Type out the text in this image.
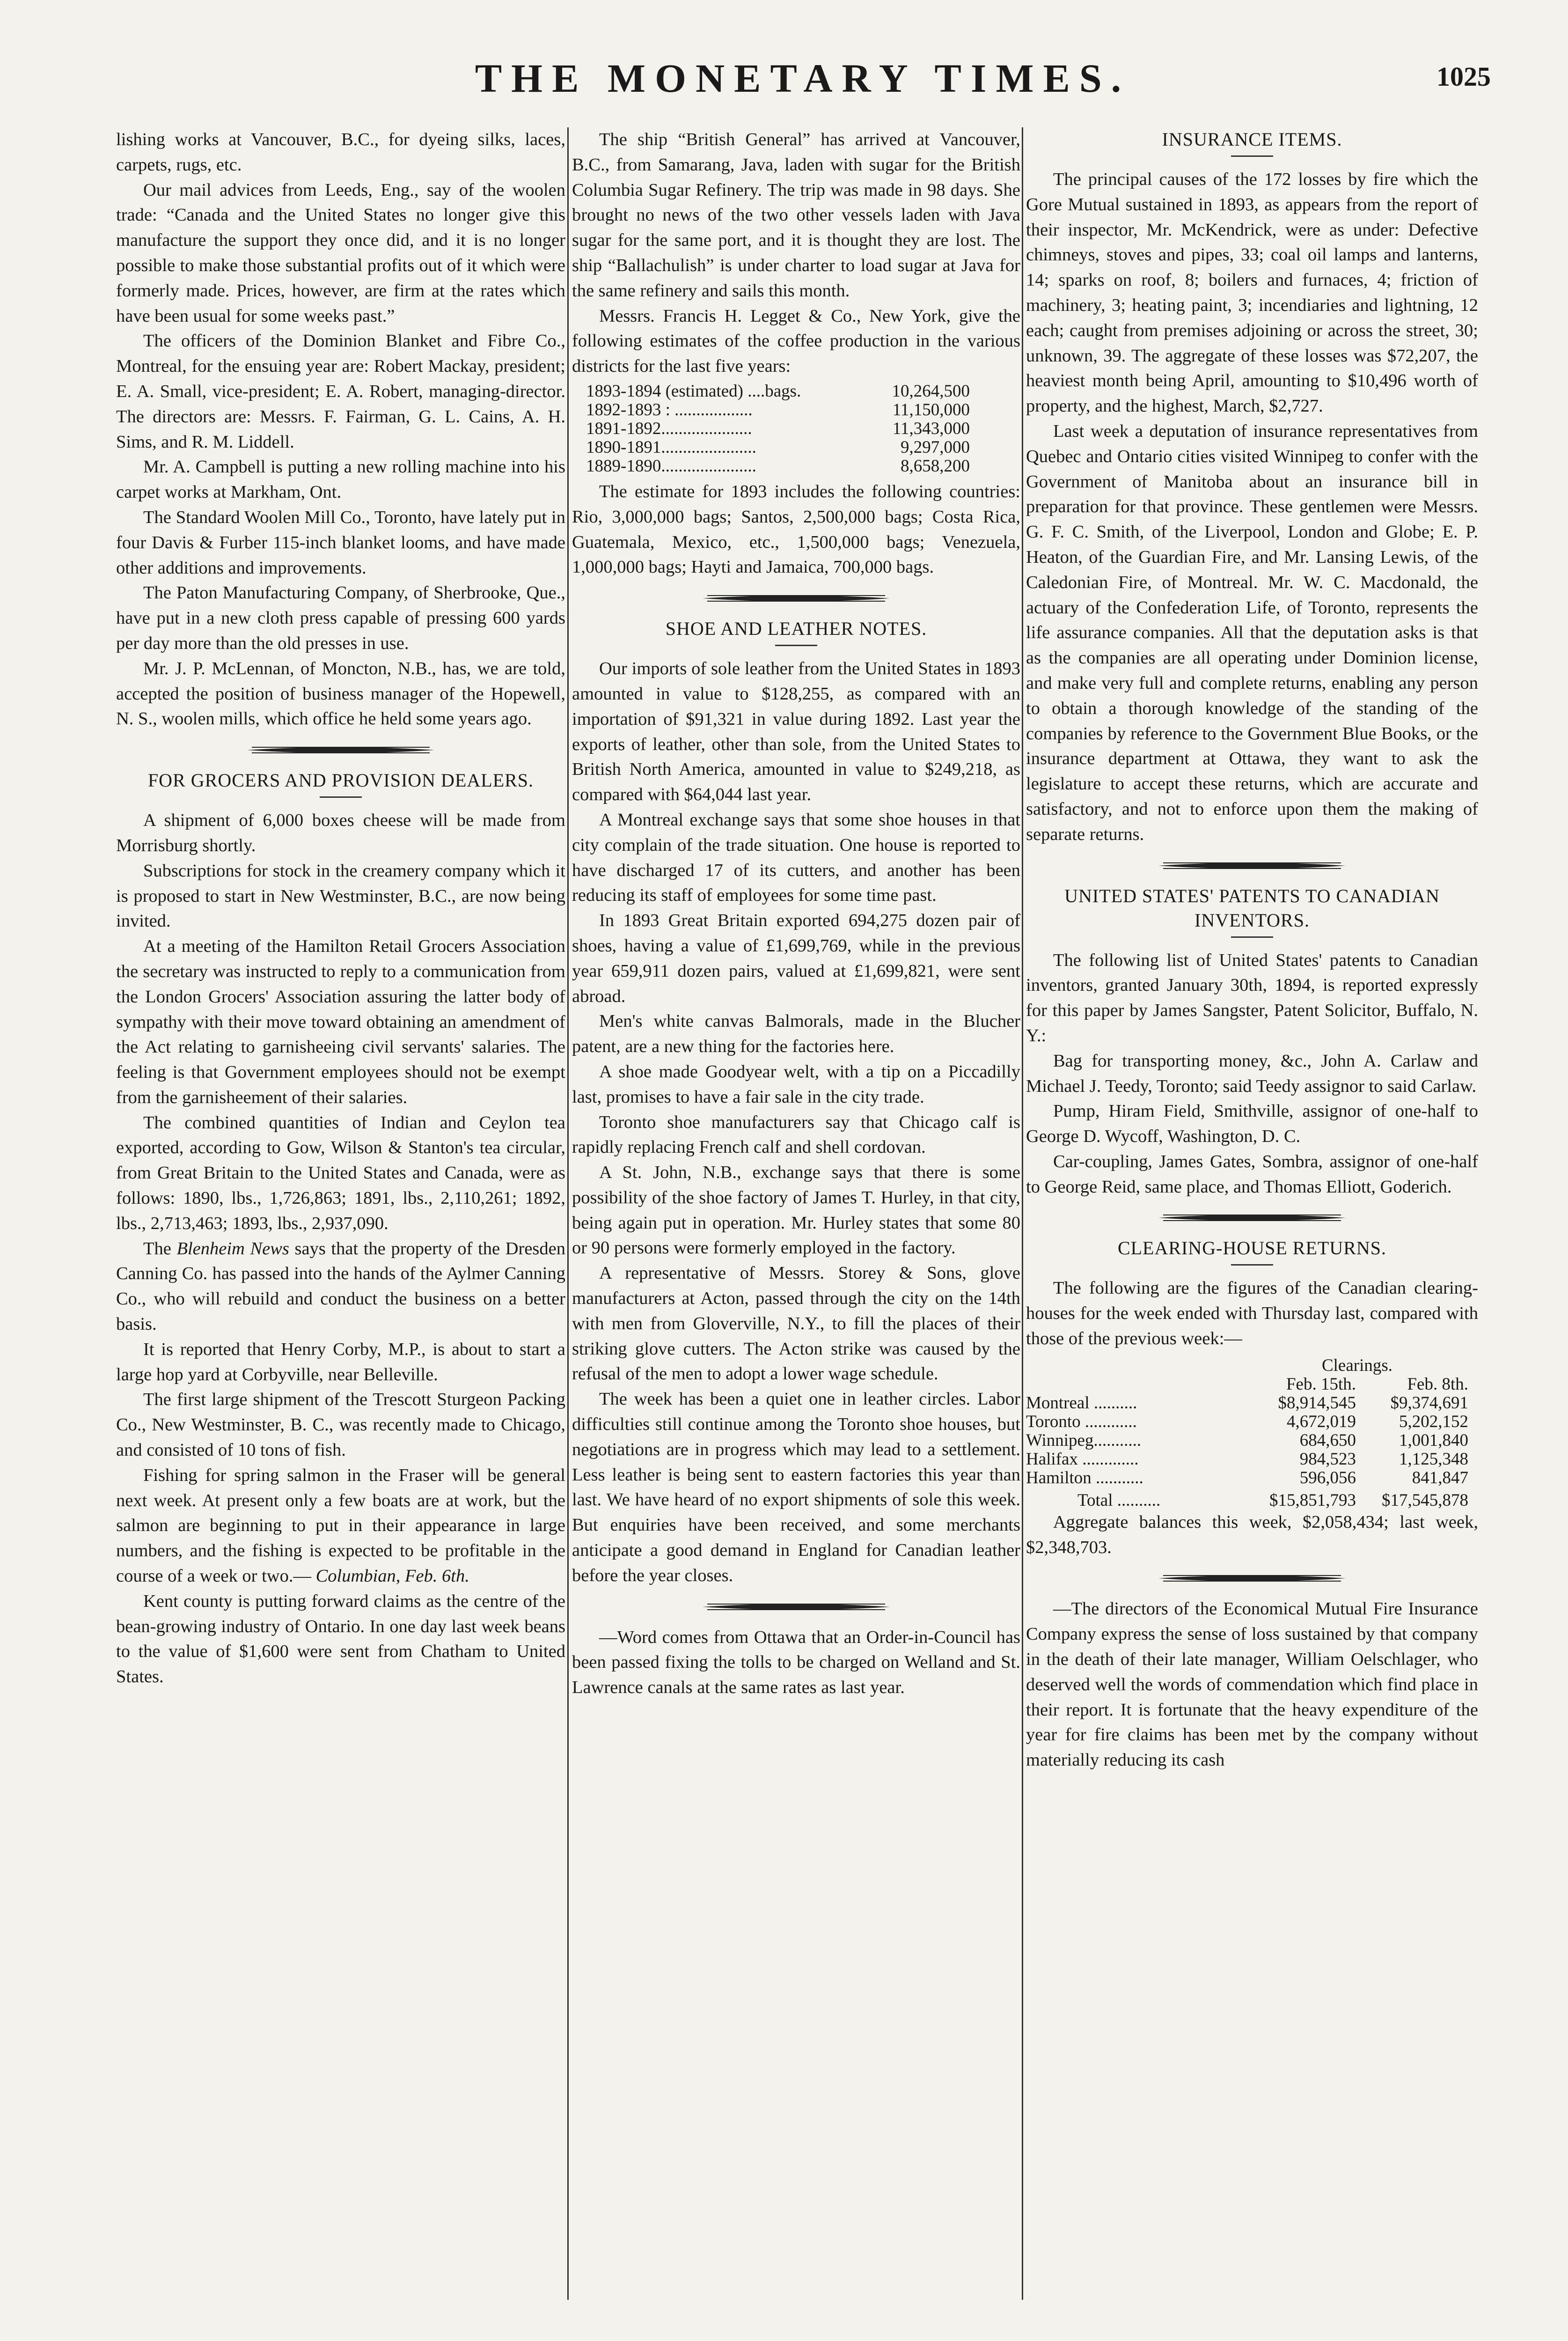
THE MONETARY TIMES.	1025

lishing works at Vancouver, B.C., for dyeing silks, laces, carpets, rugs, etc.

Our mail advices from Leeds, Eng., say of the woolen trade: “Canada and the United States no longer give this manufacture the support they once did, and it is no longer possible to make those substantial profits out of it which were formerly made. Prices, however, are firm at the rates which have been usual for some weeks past.”

The officers of the Dominion Blanket and Fibre Co., Montreal, for the ensuing year are: Robert Mackay, president; E. A. Small, vice-president; E. A. Robert, managing-director. The directors are: Messrs. F. Fairman, G. L. Cains, A. H. Sims, and R. M. Liddell.

Mr. A. Campbell is putting a new rolling machine into his carpet works at Markham, Ont.

The Standard Woolen Mill Co., Toronto, have lately put in four Davis & Furber 115-inch blanket looms, and have made other additions and improvements.

The Paton Manufacturing Company, of Sherbrooke, Que., have put in a new cloth press capable of pressing 600 yards per day more than the old presses in use.

Mr. J. P. McLennan, of Moncton, N.B., has, we are told, accepted the position of business manager of the Hopewell, N. S., woolen mills, which office he held some years ago.

FOR GROCERS AND PROVISION DEALERS.

A shipment of 6,000 boxes cheese will be made from Morrisburg shortly.

Subscriptions for stock in the creamery company which it is proposed to start in New Westminster, B.C., are now being invited.

At a meeting of the Hamilton Retail Grocers Association the secretary was instructed to reply to a communication from the London Grocers' Association assuring the latter body of sympathy with their move toward obtaining an amendment of the Act relating to garnisheeing civil servants' salaries. The feeling is that Government employees should not be exempt from the garnisheement of their salaries.

The combined quantities of Indian and Ceylon tea exported, according to Gow, Wilson & Stanton's tea circular, from Great Britain to the United States and Canada, were as follows: 1890, lbs., 1,726,863; 1891, lbs., 2,110,261; 1892, lbs., 2,713,463; 1893, lbs., 2,937,090.

The Blenheim News says that the property of the Dresden Canning Co. has passed into the hands of the Aylmer Canning Co., who will rebuild and conduct the business on a better basis.

It is reported that Henry Corby, M.P., is about to start a large hop yard at Corbyville, near Belleville.

The first large shipment of the Trescott Sturgeon Packing Co., New Westminster, B. C., was recently made to Chicago, and consisted of 10 tons of fish.

Fishing for spring salmon in the Fraser will be general next week. At present only a few boats are at work, but the salmon are beginning to put in their appearance in large numbers, and the fishing is expected to be profitable in the course of a week or two.— Columbian, Feb. 6th.

Kent county is putting forward claims as the centre of the bean-growing industry of Ontario. In one day last week beans to the value of $1,600 were sent from Chatham to United States.

The ship “British General” has arrived at Vancouver, B.C., from Samarang, Java, laden with sugar for the British Columbia Sugar Refinery. The trip was made in 98 days. She brought no news of the two other vessels laden with Java sugar for the same port, and it is thought they are lost. The ship “Ballachulish” is under charter to load sugar at Java for the same refinery and sails this month.

Messrs. Francis H. Legget & Co., New York, give the following estimates of the coffee production in the various districts for the last five years:

1893-1894 (estimated) ....bags.	10,264,500
1892-1893 : ..................	11,150,000
1891-1892.....................	11,343,000
1890-1891......................	9,297,000
1889-1890......................	8,658,200

The estimate for 1893 includes the following countries: Rio, 3,000,000 bags; Santos, 2,500,000 bags; Costa Rica, Guatemala, Mexico, etc., 1,500,000 bags; Venezuela, 1,000,000 bags; Hayti and Jamaica, 700,000 bags.

SHOE AND LEATHER NOTES.

Our imports of sole leather from the United States in 1893 amounted in value to $128,255, as compared with an importation of $91,321 in value during 1892. Last year the exports of leather, other than sole, from the United States to British North America, amounted in value to $249,218, as compared with $64,044 last year.

A Montreal exchange says that some shoe houses in that city complain of the trade situation. One house is reported to have discharged 17 of its cutters, and another has been reducing its staff of employees for some time past.

In 1893 Great Britain exported 694,275 dozen pair of shoes, having a value of £1,699,769, while in the previous year 659,911 dozen pairs, valued at £1,699,821, were sent abroad.

Men's white canvas Balmorals, made in the Blucher patent, are a new thing for the factories here.

A shoe made Goodyear welt, with a tip on a Piccadilly last, promises to have a fair sale in the city trade.

Toronto shoe manufacturers say that Chicago calf is rapidly replacing French calf and shell cordovan.

A St. John, N.B., exchange says that there is some possibility of the shoe factory of James T. Hurley, in that city, being again put in operation. Mr. Hurley states that some 80 or 90 persons were formerly employed in the factory.

A representative of Messrs. Storey & Sons, glove manufacturers at Acton, passed through the city on the 14th with men from Gloverville, N.Y., to fill the places of their striking glove cutters. The Acton strike was caused by the refusal of the men to adopt a lower wage schedule.

The week has been a quiet one in leather circles. Labor difficulties still continue among the Toronto shoe houses, but negotiations are in progress which may lead to a settlement. Less leather is being sent to eastern factories this year than last. We have heard of no export shipments of sole this week. But enquiries have been received, and some merchants anticipate a good demand in England for Canadian leather before the year closes.

—Word comes from Ottawa that an Order-in-Council has been passed fixing the tolls to be charged on Welland and St. Lawrence canals at the same rates as last year.

INSURANCE ITEMS.

The principal causes of the 172 losses by fire which the Gore Mutual sustained in 1893, as appears from the report of their inspector, Mr. McKendrick, were as under: Defective chimneys, stoves and pipes, 33; coal oil lamps and lanterns, 14; sparks on roof, 8; boilers and furnaces, 4; friction of machinery, 3; heating paint, 3; incendiaries and lightning, 12 each; caught from premises adjoining or across the street, 30; unknown, 39. The aggregate of these losses was $72,207, the heaviest month being April, amounting to $10,496 worth of property, and the highest, March, $2,727.

Last week a deputation of insurance representatives from Quebec and Ontario cities visited Winnipeg to confer with the Government of Manitoba about an insurance bill in preparation for that province. These gentlemen were Messrs. G. F. C. Smith, of the Liverpool, London and Globe; E. P. Heaton, of the Guardian Fire, and Mr. Lansing Lewis, of the Caledonian Fire, of Montreal. Mr. W. C. Macdonald, the actuary of the Confederation Life, of Toronto, represents the life assurance companies. All that the deputation asks is that as the companies are all operating under Dominion license, and make very full and complete returns, enabling any person to obtain a thorough knowledge of the standing of the companies by reference to the Government Blue Books, or the insurance department at Ottawa, they want to ask the legislature to accept these returns, which are accurate and satisfactory, and not to enforce upon them the making of separate returns.

UNITED STATES' PATENTS TO CANADIAN INVENTORS.

The following list of United States' patents to Canadian inventors, granted January 30th, 1894, is reported expressly for this paper by James Sangster, Patent Solicitor, Buffalo, N. Y.:

Bag for transporting money, &c., John A. Carlaw and Michael J. Teedy, Toronto; said Teedy assignor to said Carlaw.

Pump, Hiram Field, Smithville, assignor of one-half to George D. Wycoff, Washington, D. C.

Car-coupling, James Gates, Sombra, assignor of one-half to George Reid, same place, and Thomas Elliott, Goderich.

CLEARING-HOUSE RETURNS.

The following are the figures of the Canadian clearing-houses for the week ended with Thursday last, compared with those of the previous week:—

Clearings.
Feb. 15th.	Feb. 8th.
Montreal ..........	$8,914,545	$9,374,691
Toronto ............	4,672,019	5,202,152
Winnipeg...........	684,650	1,001,840
Halifax .............	984,523	1,125,348
Hamilton ...........	596,056	841,847
Total ..........	$15,851,793	$17,545,878

Aggregate balances this week, $2,058,434; last week, $2,348,703.

—The directors of the Economical Mutual Fire Insurance Company express the sense of loss sustained by that company in the death of their late manager, William Oelschlager, who deserved well the words of commendation which find place in their report. It is fortunate that the heavy expenditure of the year for fire claims has been met by the company without materially reducing its cash
